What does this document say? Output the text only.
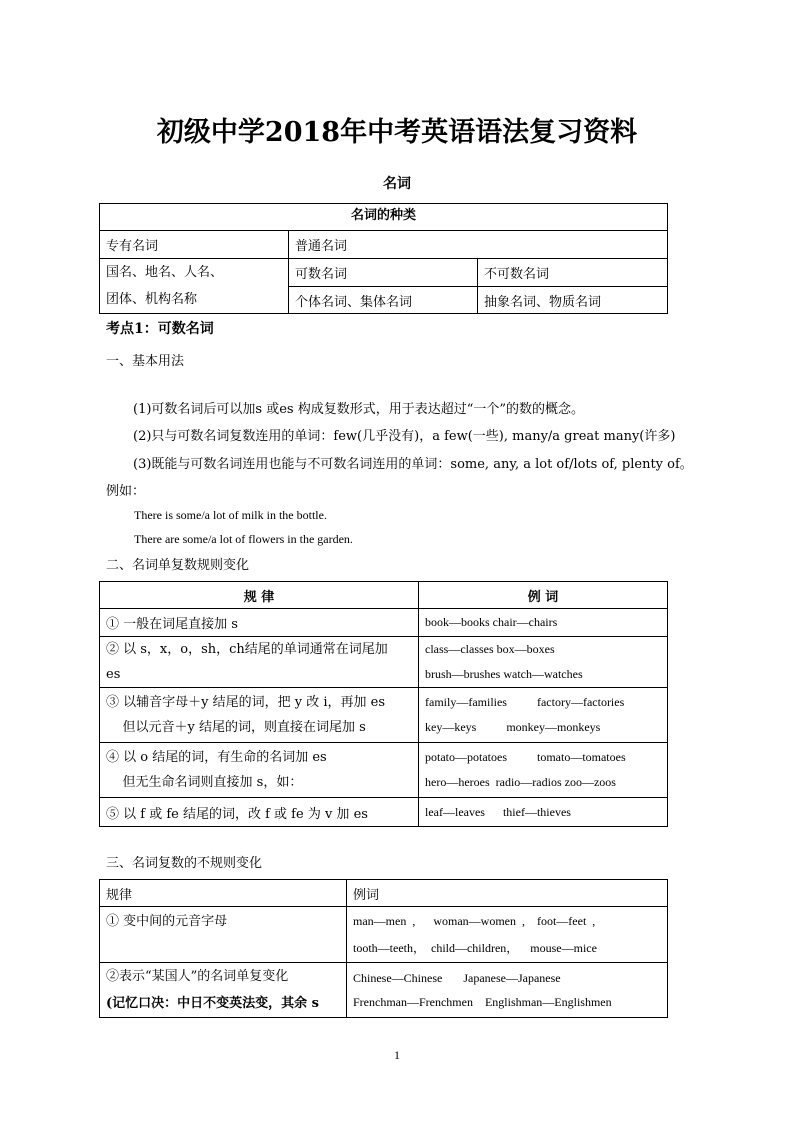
初级中学2018年中考英语语法复习资料
名词
名词的种类		
专有名词	普通名词	

国名、地名、人名、
团体、机构名称	可数名词	不可数名词
	个体名词、集体名词	抽象名词、物质名词
考点1：可数名词
一、基本用法
(1)可数名词后可以加s 或es 构成复数形式，用于表达超过“一个”的数的概念。
(2)只与可数名词复数连用的单词：few(几乎没有)，a few(一些), many/a great many(许多)
(3)既能与可数名词连用也能与不可数名词连用的单词：some, any, a lot of/lots of, plenty of。
例如：
There is some/a lot of milk in the bottle.
There are some/a lot of flowers in the garden.
二、名词单复数规则变化
规 律	例 词

① 一般在词尾直接加 s	book—books chair—chairs

② 以 s，x，o，sh，ch结尾的单词通常在词尾加
es	class—classes box—boxes
brush—brushes watch—watches

③ 以辅音字母＋y 结尾的词，把 y 改 i，再加 es
但以元音＋y 结尾的词，则直接在词尾加 s	family—families          factory—factories
key—keys          monkey—monkeys

④ 以 o 结尾的词，有生命的名词加 es
但无生命名词则直接加 s，如：	potato—potatoes          tomato—tomatoes
hero—heroes  radio—radios zoo—zoos

⑤ 以 f 或 fe 结尾的词，改 f 或 fe 为 v 加 es	leaf—leaves      thief—thieves
三、名词复数的不规则变化
规律	例词

① 变中间的元音字母	man—men  ,      woman—women  ,    foot—feet  ,
tooth—teeth，  child—children，    mouse—mice

②表示“某国人”的名词单复变化
(记忆口决：中日不变英法变，其余 s	Chinese—Chinese       Japanese—Japanese
Frenchman—Frenchmen    Englishman—Englishmen
1
